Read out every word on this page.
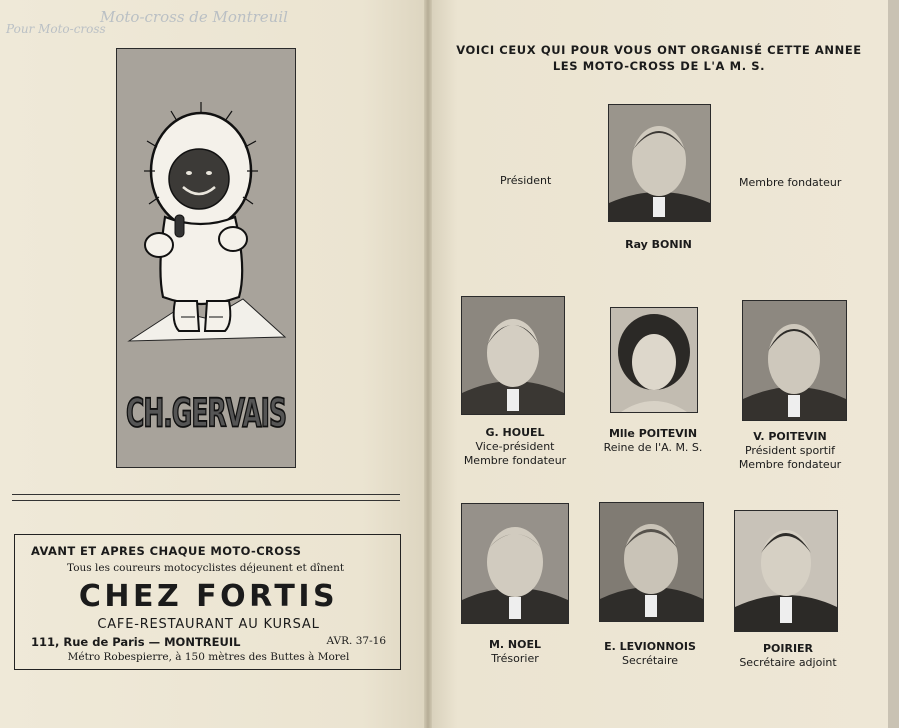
Moto-cross de Montreuil
Pour Moto-cross
CH.GERVAIS
AVANT ET APRES CHAQUE MOTO-CROSS
Tous les coureurs motocyclistes déjeunent et dînent
CHEZ FORTIS
CAFE-RESTAURANT AU KURSAL
111, Rue de Paris — MONTREUIL	AVR. 37-16
Métro Robespierre, à 150 mètres des Buttes à Morel
VOICI CEUX QUI POUR VOUS ONT ORGANISÉ CETTE ANNEE
LES MOTO-CROSS DE L'A M. S.
Président	Membre fondateur
Ray BONIN
G. HOUEL
Vice-président
Membre fondateur
Mlle POITEVIN
Reine de l'A. M. S.
V. POITEVIN
Président sportif
Membre fondateur
M. NOEL
Trésorier
E. LEVIONNOIS
Secrétaire
POIRIER
Secrétaire adjoint
